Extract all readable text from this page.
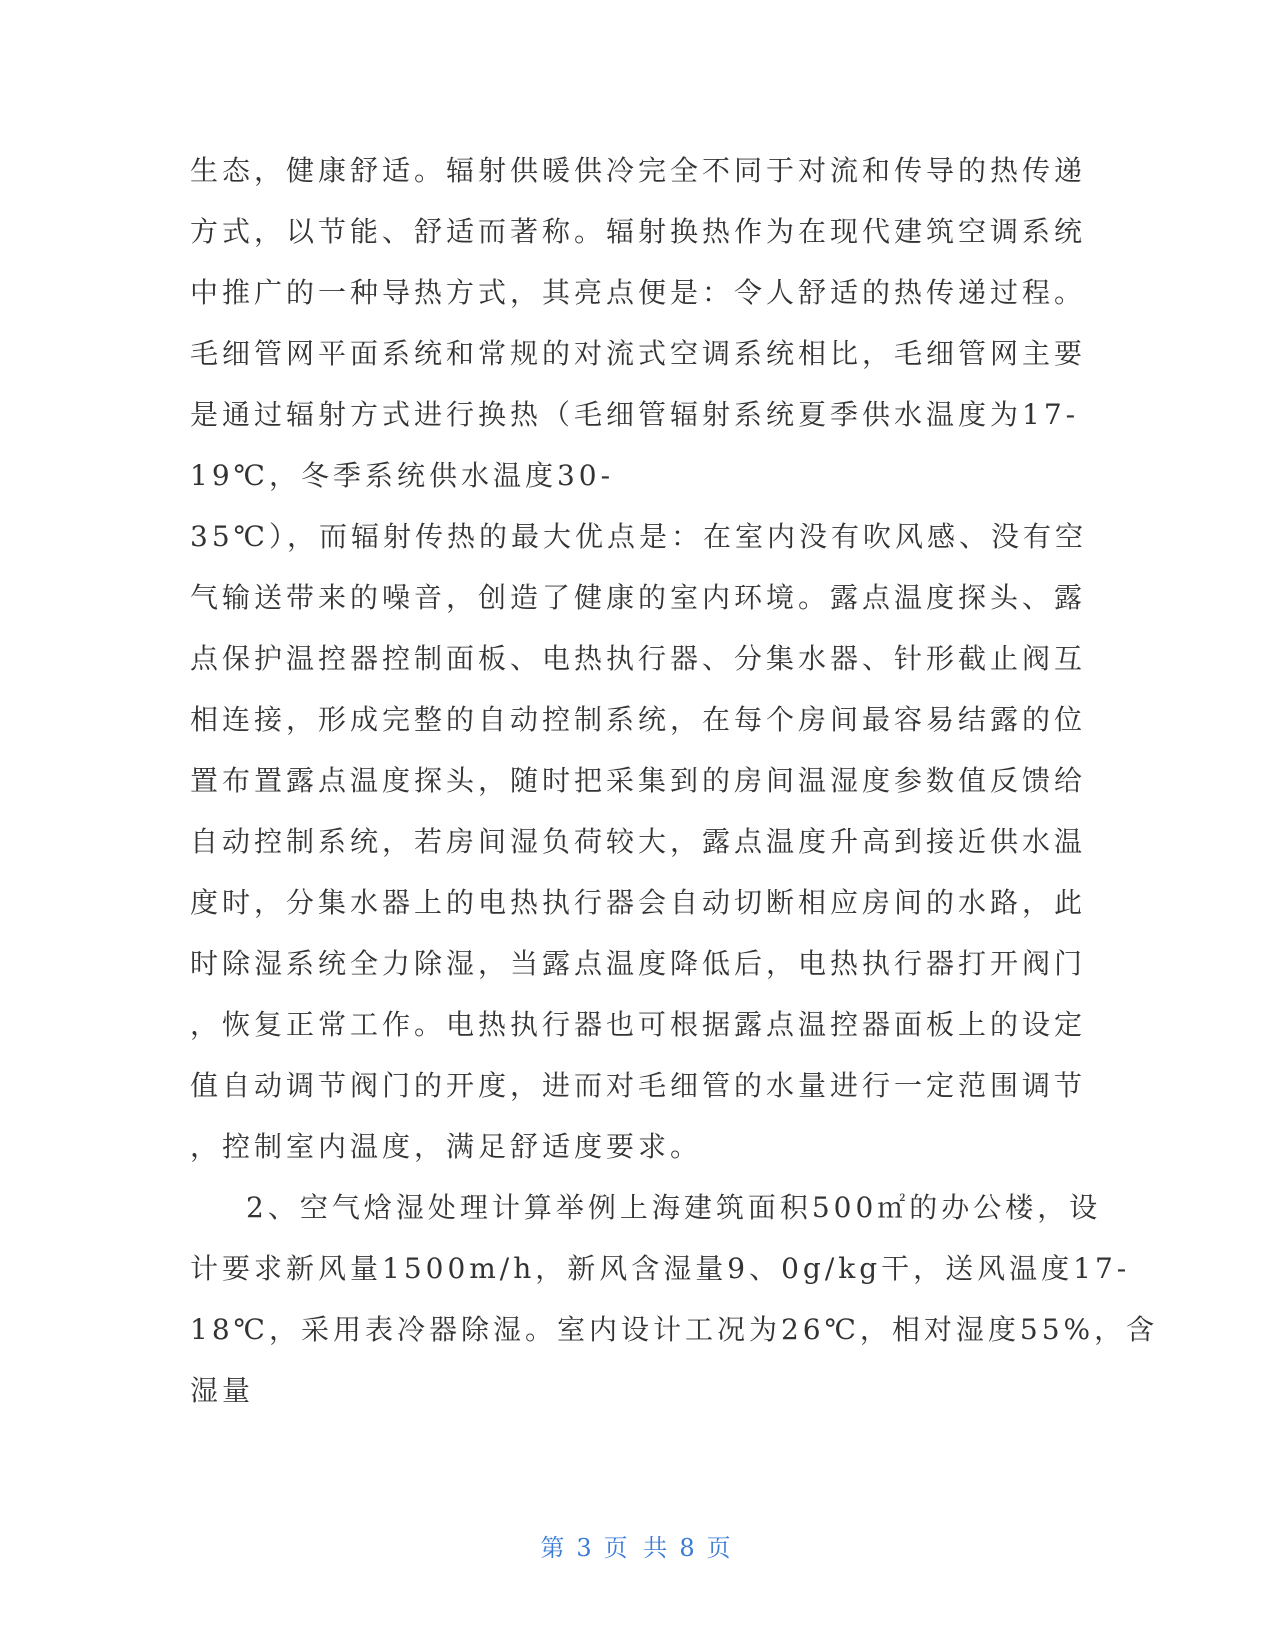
生态，健康舒适。辐射供暖供冷完全不同于对流和传导的热传递

方式，以节能、舒适而著称。辐射换热作为在现代建筑空调系统

中推广的一种导热方式，其亮点便是：令人舒适的热传递过程。

毛细管网平面系统和常规的对流式空调系统相比，毛细管网主要

是通过辐射方式进行换热（毛细管辐射系统夏季供水温度为17-

19℃，冬季系统供水温度30-

35℃），而辐射传热的最大优点是：在室内没有吹风感、没有空

气输送带来的噪音，创造了健康的室内环境。露点温度探头、露

点保护温控器控制面板、电热执行器、分集水器、针形截止阀互

相连接，形成完整的自动控制系统，在每个房间最容易结露的位

置布置露点温度探头，随时把采集到的房间温湿度参数值反馈给

自动控制系统，若房间湿负荷较大，露点温度升高到接近供水温

度时，分集水器上的电热执行器会自动切断相应房间的水路，此

时除湿系统全力除湿，当露点温度降低后，电热执行器打开阀门

，恢复正常工作。电热执行器也可根据露点温控器面板上的设定

值自动调节阀门的开度，进而对毛细管的水量进行一定范围调节

，控制室内温度，满足舒适度要求。

2、空气焓湿处理计算举例上海建筑面积500㎡的办公楼，设

计要求新风量1500m/h，新风含湿量9、0g/kg干，送风温度17-

18℃，采用表冷器除湿。室内设计工况为26℃，相对湿度55%，含

湿量

第 3 页 共 8 页
